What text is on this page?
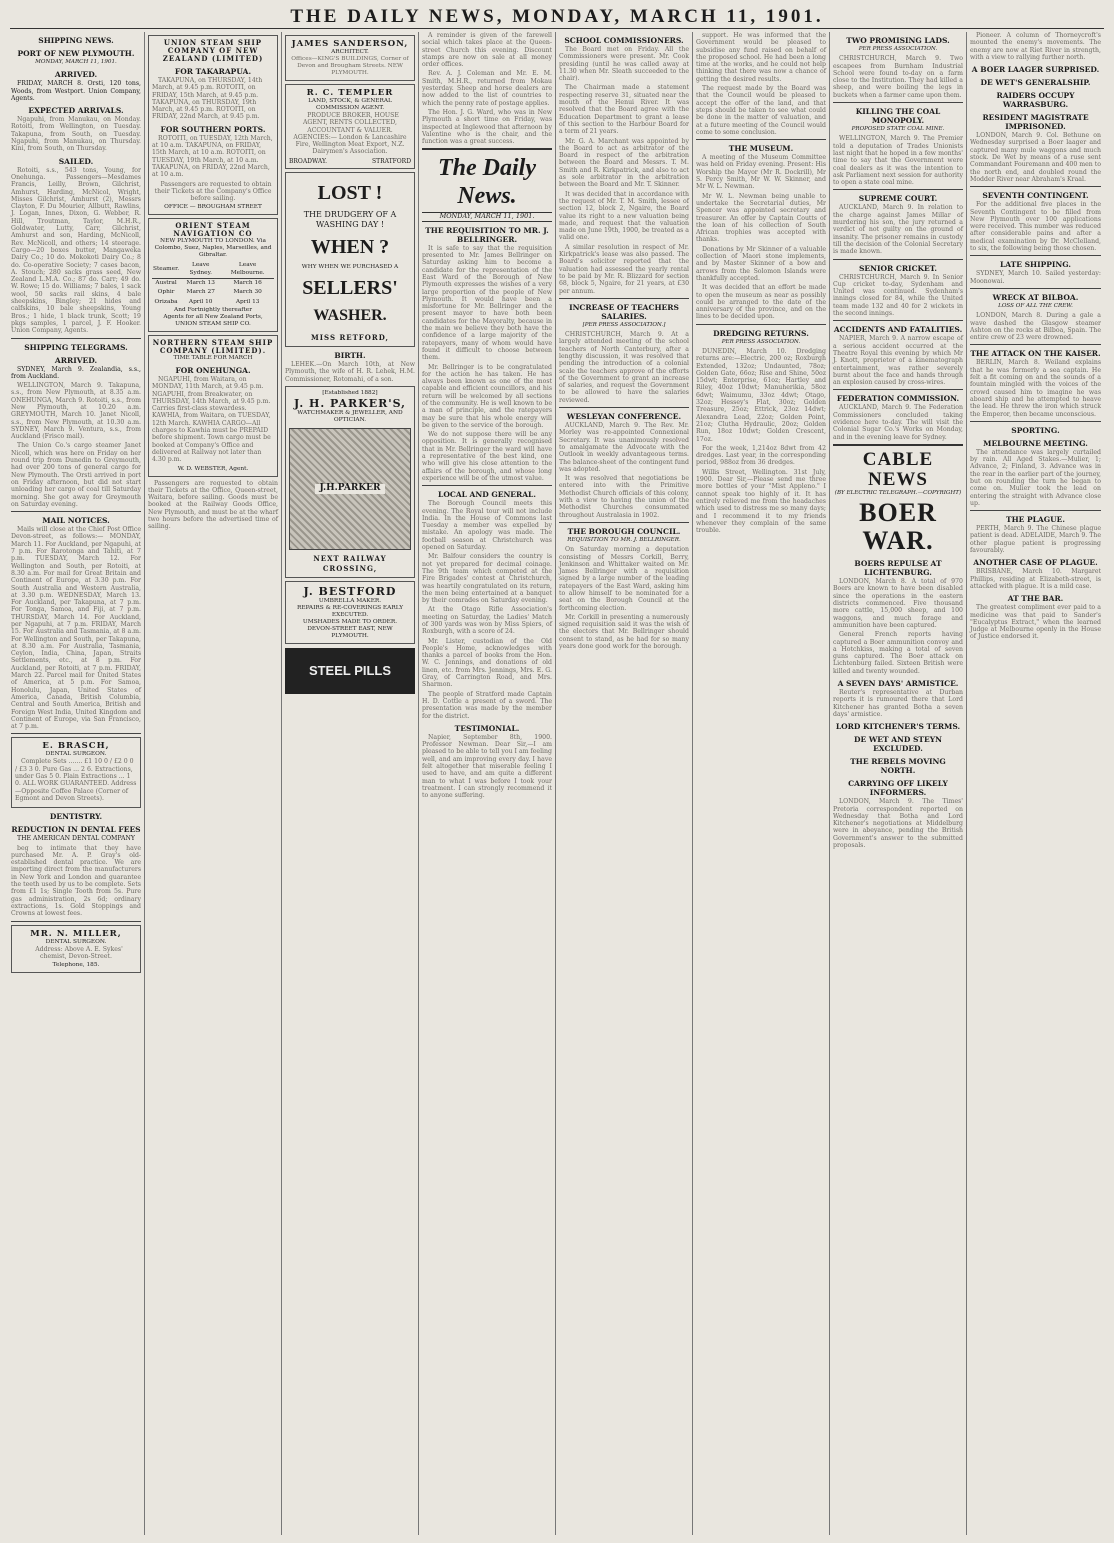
THE DAILY NEWS, MONDAY, MARCH 11, 1901.
SHIPPING NEWS.
PORT OF NEW PLYMOUTH.
MONDAY, MARCH 11, 1901.
ARRIVED.

FRIDAY, MARCH 8. Orsti, 120 tons, Woods, from Westport. Union Company, Agents.

EXPECTED ARRIVALS.

Ngapuhi, from Manukau, on Monday. Rotoiti, from Wellington, on Tuesday. Takapuna, from South, on Tuesday. Ngapuhi, from Manukau, on Thursday. Kini, from South, on Thursday.

SAILED.

Rotoiti, s.s., 543 tons, Young, for Onehunga. Passengers—Mesdames Francis, Leilly, Brown, Gilchrist, Amhurst, Harding, McNicol, Wright, Misses Gilchrist, Amhurst (2), Messrs Clayton, F. Du Mourier, Allbutt, Rawlins, J. Logan, Innes, Dixon, G. Webber, R. Hill, Troutman, Taylor, M.H.R., Goldwater, Lutty, Carr, Gilchrist, Amhurst and son, Harding, McNicoll, Rev. McNicoll, and others; 14 steerage. Cargo—20 boxes butter, Mangaweka Dairy Co.; 10 do. Mokokoti Dairy Co.; 8 do. Co-operative Society; 7 cases bacon, A. Stouch; 280 sacks grass seed, New Zealand L.M.A. Co.; 87 do. Carr; 49 do. W. Rowe; 15 do. Williams; 7 bales, 1 sack wool, 50 sacks rail skins, 4 bale sheepskins, Bingley; 21 hides and calfskins, 10 bale sheepskins, Young Bros.; 1 hide, 1 black trunk, Scott; 19 pkgs samples, 1 parcel, J. F. Hooker. Union Company, Agents.

SHIPPING TELEGRAMS.
ARRIVED.

SYDNEY, March 9. Zealandia, s.s., from Auckland.

WELLINGTON, March 9. Takapuna, s.s., from New Plymouth, at 8.35 a.m. ONEHUNGA, March 9. Rotoiti, s.s., from New Plymouth, at 10.20 a.m. GREYMOUTH, March 10. Janet Nicoll, s.s., from New Plymouth, at 10.30 a.m. SYDNEY, March 9. Ventura, s.s., from Auckland (Frisco mail).

The Union Co.'s cargo steamer Janet Nicoll, which was here on Friday on her round trip from Dunedin to Greymouth, had over 200 tons of general cargo for New Plymouth. The Orsti arrived in port on Friday afternoon, but did not start unloading her cargo of coal till Saturday morning. She got away for Greymouth on Saturday evening.

MAIL NOTICES.

Mails will close at the Chief Post Office Devon-street, as follows:— MONDAY, March 11. For Auckland, per Ngapuhi, at 7 p.m. For Rarotonga and Tahiti, at 7 p.m. TUESDAY, March 12. For Wellington and South, per Rotoiti, at 8.30 a.m. For mail for Great Britain and Continent of Europe, at 3.30 p.m. For South Australia and Western Australia, at 3.30 p.m. WEDNESDAY, March 13. For Auckland, per Takapuna, at 7 p.m. For Tonga, Samoa, and Fiji, at 7 p.m. THURSDAY, March 14. For Auckland, per Ngapuhi, at 7 p.m. FRIDAY, March 15. For Australia and Tasmania, at 8 a.m. For Wellington and South, per Takapuna, at 8.30 a.m. For Australia, Tasmania, Ceylon, India, China, Japan, Straits Settlements, etc., at 8 p.m. For Auckland, per Rotoiti, at 7 p.m. FRIDAY, March 22. Parcel mail for United States of America, at 5 p.m. For Samoa, Honolulu, Japan, United States of America, Canada, British Columbia, Central and South America, British and Foreign West India, United Kingdom and Continent of Europe, via San Francisco, at 7 p.m.

E. BRASCH,
DENTAL SURGEON.

Complete Sets ....... £1 10 0 / £2 0 0 / £3 3 0. Pure Gas ... 2 6. Extractions, under Gas 5 0. Plain Extractions ... 1 0. ALL WORK GUARANTEED. Address—Opposite Coffee Palace (Corner of Egmont and Devon Streets).

DENTISTRY.
REDUCTION IN DENTAL FEES

THE AMERICAN DENTAL COMPANY

beg to intimate that they have purchased Mr. A. P. Gray's old-established dental practice. We are importing direct from the manufacturers in New York and London and guarantee the teeth used by us to be complete. Sets from £1 1s; Single Tooth from 5s. Pure gas administration, 2s 6d; ordinary extractions, 1s. Gold Stoppings and Crowns at lowest fees.

MR. N. MILLER,
DENTAL SURGEON.

Address: Above A. E. Sykes' chemist, Devon-Street.

Telephone, 185.
UNION STEAM SHIP COMPANY OF NEW ZEALAND (LIMITED)
FOR TAKARAPUA.

TAKAPUNA, on THURSDAY, 14th March, at 9.45 p.m. ROTOITI, on FRIDAY, 15th March, at 9.45 p.m. TAKAPUNA, on THURSDAY, 19th March, at 9.45 p.m. ROTOITI, on FRIDAY, 22nd March, at 9.45 p.m.

FOR SOUTHERN PORTS.

ROTOITI, on TUESDAY, 12th March, at 10 a.m. TAKAPUNA, on FRIDAY, 15th March, at 10 a.m. ROTOITI, on TUESDAY, 19th March, at 10 a.m. TAKAPUNA, on FRIDAY, 22nd March, at 10 a.m.

Passengers are requested to obtain their Tickets at the Company's Office before sailing.

OFFICE — BROUGHAM STREET
ORIENT STEAM NAVIGATION CO
NEW PLYMOUTH TO LONDON. Via Colombo, Suez, Naples, Marseilles, and Gibraltar.
Steamer.	Leave Sydney.	Leave Melbourne.
Austral	March 13	March 16
Ophir	March 27	March 30
Orizaba	April 10	April 13
And Fortnightly thereafter
Agents for all New Zealand Ports, UNION STEAM SHIP CO.
NORTHERN STEAM SHIP COMPANY (LIMITED).
TIME TABLE FOR MARCH
FOR ONEHUNGA.

NGAPUHI, from Waitara, on MONDAY, 11th March, at 9.45 p.m. NGAPUHI, from Breakwater, on THURSDAY, 14th March, at 9.45 p.m. Carries first-class stewardess. KAWHIA, from Waitara, on TUESDAY, 12th March. KAWHIA CARGO—All charges to Kawhia must be PREPAID before shipment. Town cargo must be booked at Company's Office and delivered at Railway not later than 4.30 p.m.

W. D. WEBSTER, Agent.

Passengers are requested to obtain their Tickets at the Office, Queen-street, Waitara, before sailing. Goods must be booked at the Railway Goods Office, New Plymouth, and must be at the wharf two hours before the advertised time of sailing.

JAMES SANDERSON,
ARCHITECT.
Offices—KING'S BUILDINGS, Corner of Devon and Brougham Streets. NEW PLYMOUTH.
R. C. TEMPLER
LAND, STOCK, & GENERAL COMMISSION AGENT.

PRODUCE BROKER, HOUSE AGENT, RENTS COLLECTED, ACCOUNTANT & VALUER. AGENCIES:— London & Lancashire Fire, Wellington Meat Export, N.Z. Dairymen's Association.

BROADWAY.	STRATFORD
LOST !
THE DRUDGERY OF A WASHING DAY !
WHEN ?
WHY WHEN WE PURCHASED A
SELLERS'
WASHER.
MISS RETFORD,
BIRTH.

LEHEK.—On March 10th, at New Plymouth, the wife of H. R. Lehek, H.M. Commissioner, Rotomahi, of a son.

[Established 1882]
J. H. PARKER'S,
WATCHMAKER & JEWELLER, AND OPTICIAN.
J.H.PARKER
NEXT RAILWAY CROSSING,
J. BESTFORD
UMBRELLA MAKER.
REPAIRS & RE-COVERINGS EARLY EXECUTED.
UMSHADES MADE TO ORDER.
DEVON-STREET EAST, NEW PLYMOUTH.
STEEL PILLS

A reminder is given of the farewell social which takes place at the Queen-street Church this evening. Discount stamps are now on sale at all money order offices.

Rev. A. J. Coleman and Mr. E. M. Smith, M.H.R., returned from Mokau yesterday. Sheep and horse dealers are now added to the list of countries to which the penny rate of postage applies.

The Hon. J. G. Ward, who was in New Plymouth a short time on Friday, was inspected at Inglewood that afternoon by Valentine who is the chair, and the function was a great success.

The Daily News.
MONDAY, MARCH 11, 1901.
THE REQUISITION TO MR. J. BELLRINGER.

It is safe to say that the requisition presented to Mr. James Bellringer on Saturday asking him to become a candidate for the representation of the East Ward of the Borough of New Plymouth expresses the wishes of a very large proportion of the people of New Plymouth. It would have been a misfortune for Mr. Bellringer and the present mayor to have both been candidates for the Mayoralty, because in the main we believe they both have the confidence of a large majority of the ratepayers, many of whom would have found it difficult to choose between them.

Mr. Bellringer is to be congratulated for the action he has taken. He has always been known as one of the most capable and efficient councillors, and his return will be welcomed by all sections of the community. He is well known to be a man of principle, and the ratepayers may be sure that his whole energy will be given to the service of the borough.

We do not suppose there will be any opposition. It is generally recognised that in Mr. Bellringer the ward will have a representative of the best kind, one who will give his close attention to the affairs of the borough, and whose long experience will be of the utmost value.

LOCAL AND GENERAL.

The Borough Council meets this evening. The Royal tour will not include India. In the House of Commons last Tuesday a member was expelled by mistake. An apology was made. The football season at Christchurch was opened on Saturday.

Mr. Balfour considers the country is not yet prepared for decimal coinage. The 9th team which competed at the Fire Brigades' contest at Christchurch, was heartily congratulated on its return, the men being entertained at a banquet by their comrades on Saturday evening.

At the Otago Rifle Association's meeting on Saturday, the Ladies' Match of 300 yards was won by Miss Spiers, of Roxburgh, with a score of 24.

Mr. Lister, custodian of the Old People's Home, acknowledges with thanks a parcel of books from the Hon. W. C. Jennings, and donations of old linen, etc. from Mrs. Jennings, Mrs. E. G. Gray, of Carrington Road, and Mrs. Sharmon.

The people of Stratford made Captain H. D. Cottle a present of a sword. The presentation was made by the member for the district.

TESTIMONIAL.

Napier, September 8th, 1900. Professor Newman. Dear Sir,—I am pleased to be able to tell you I am feeling well, and am improving every day. I have felt altogether that miserable feeling I used to have, and am quite a different man to what I was before I took your treatment. I can strongly recommend it to anyone suffering.

SCHOOL COMMISSIONERS.

The Board met on Friday. All the Commissioners were present. Mr. Cook presiding (until he was called away at 11.30 when Mr. Sleath succeeded to the chair).

The Chairman made a statement respecting reserve 31, situated near the mouth of the Henui River. It was resolved that the Board agree with the Education Department to grant a lease of this section to the Harbour Board for a term of 21 years.

Mr. G. A. Marchant was appointed by the Board to act as arbitrator of the Board in respect of the arbitration between the Board and Messrs. T. M. Smith and R. Kirkpatrick, and also to act as sole arbitrator in the arbitration between the Board and Mr. T. Skinner.

It was decided that in accordance with the request of Mr. T. M. Smith, lessee of section 12, block 2, Ngaire, the Board value its right to a new valuation being made, and request that the valuation made on June 19th, 1900, be treated as a valid one.

A similar resolution in respect of Mr. Kirkpatrick's lease was also passed. The Board's solicitor reported that the valuation had assessed the yearly rental to be paid by Mr. R. Blizzard for section 68, block 5, Ngaire, for 21 years, at £30 per annum.

INCREASE OF TEACHERS SALARIES.
[PER PRESS ASSOCIATION.]

CHRISTCHURCH, March 9. At a largely attended meeting of the school teachers of North Canterbury, after a lengthy discussion, it was resolved that pending the introduction of a colonial scale the teachers approve of the efforts of the Government to grant an increase of salaries, and request the Government to be allowed to have the salaries reviewed.

WESLEYAN CONFERENCE.

AUCKLAND, March 9. The Rev. Mr. Morley was re-appointed Connexional Secretary. It was unanimously resolved to amalgamate the Advocate with the Outlook in weekly advantageous terms. The balance-sheet of the contingent fund was adopted.

It was resolved that negotiations be entered into with the Primitive Methodist Church officials of this colony, with a view to having the union of the Methodist Churches consummated throughout Australasia in 1902.

THE BOROUGH COUNCIL.
REQUISITION TO MR. J. BELLRINGER.

On Saturday morning a deputation consisting of Messrs Corkill, Berry, Jenkinson and Whittaker waited on Mr. James Bellringer with a requisition signed by a large number of the leading ratepayers of the East Ward, asking him to allow himself to be nominated for a seat on the Borough Council at the forthcoming election.

Mr. Corkill in presenting a numerously signed requisition said it was the wish of the electors that Mr. Bellringer should consent to stand, as he had for so many years done good work for the borough.

support. He was informed that the Government would be pleased to subsidise any fund raised on behalf of the proposed school. He had been a long time at the works, and he could not help thinking that there was now a chance of getting the desired results.

The request made by the Board was that the Council would be pleased to accept the offer of the land, and that steps should be taken to see what could be done in the matter of valuation, and at a future meeting of the Council would come to some conclusion.

THE MUSEUM.

A meeting of the Museum Committee was held on Friday evening. Present: His Worship the Mayor (Mr R. Dockrill), Mr S. Percy Smith, Mr W. W. Skinner, and Mr W. L. Newman.

Mr W. L. Newman being unable to undertake the Secretarial duties, Mr Spencer was appointed secretary and treasurer. An offer by Captain Coutts of the loan of his collection of South African trophies was accepted with thanks.

Donations by Mr Skinner of a valuable collection of Maori stone implements, and by Master Skinner of a bow and arrows from the Solomon Islands were thankfully accepted.

It was decided that an effort be made to open the museum as near as possibly could be arranged to the date of the anniversary of the province, and on the lines to be decided upon.

DREDGING RETURNS.
PER PRESS ASSOCIATION.

DUNEDIN, March 10. Dredging returns are:—Electric, 200 oz; Roxburgh Extended, 132oz; Undaunted, 78oz; Golden Gate, 66oz; Rise and Shine, 50oz 15dwt; Enterprise, 61oz; Hartley and Riley, 40oz 10dwt; Manuherikia, 58oz 6dwt; Waimumu, 33oz 4dwt; Otago, 32oz; Hessey's Flat, 30oz; Golden Treasure, 25oz; Ettrick, 23oz 14dwt; Alexandra Lead, 22oz; Golden Point, 21oz; Clutha Hydraulic, 20oz; Golden Run, 18oz 10dwt; Golden Crescent, 17oz.

For the week, 1,214oz 8dwt from 42 dredges. Last year, in the corresponding period, 988oz from 36 dredges.

Willis Street, Wellington. 31st July, 1900. Dear Sir,—Please send me three more bottles of your "Mist Appleno." I cannot speak too highly of it. It has entirely relieved me from the headaches which used to distress me so many days; and I recommend it to my friends whenever they complain of the same trouble.

TWO PROMISING LADS.
PER PRESS ASSOCIATION.

CHRISTCHURCH, March 9. Two escapees from Burnham Industrial School were found to-day on a farm close to the Institution. They had killed a sheep, and were boiling the legs in buckets when a farmer came upon them.

KILLING THE COAL MONOPOLY.
PROPOSED STATE COAL MINE.

WELLINGTON, March 9. The Premier told a deputation of Trades Unionists last night that he hoped in a few months' time to say that the Government were coal dealers as it was the intention to ask Parliament next session for authority to open a state coal mine.

SUPREME COURT.

AUCKLAND, March 9. In relation to the charge against James Millar of murdering his son, the jury returned a verdict of not guilty on the ground of insanity. The prisoner remains in custody till the decision of the Colonial Secretary is made known.

SENIOR CRICKET.

CHRISTCHURCH, March 9. In Senior Cup cricket to-day, Sydenham and United was continued. Sydenham's innings closed for 84, while the United team made 132 and 40 for 2 wickets in the second innings.

ACCIDENTS AND FATALITIES.

NAPIER, March 9. A narrow escape of a serious accident occurred at the Theatre Royal this evening by which Mr J. Knott, proprietor of a kinematograph entertainment, was rather severely burnt about the face and hands through an explosion caused by cross-wires.

FEDERATION COMMISSION.

AUCKLAND, March 9. The Federation Commissioners concluded taking evidence here to-day. The will visit the Colonial Sugar Co.'s Works on Monday, and in the evening leave for Sydney.

CABLE NEWS
(BY ELECTRIC TELEGRAPH.—COPYRIGHT)
BOER WAR.
BOERS REPULSE AT LICHTENBURG.

LONDON, March 8. A total of 970 Boers are known to have been disabled since the operations in the eastern districts commenced. Five thousand more cattle, 15,000 sheep, and 100 waggons, and much forage and ammunition have been captured.

General French reports having captured a Boer ammunition convoy and a Hotchkiss, making a total of seven guns captured. The Boer attack on Lichtenburg failed. Sixteen British were killed and twenty wounded.

A SEVEN DAYS' ARMISTICE.

Reuter's representative at Durban reports it is rumoured there that Lord Kitchener has granted Botha a seven days' armistice.

LORD KITCHENER'S TERMS.
DE WET AND STEYN EXCLUDED.
THE REBELS MOVING NORTH.
CARRYING OFF LIKELY INFORMERS.

LONDON, March 9. The Times' Pretoria correspondent reported on Wednesday that Botha and Lord Kitchener's negotiations at Middelburg were in abeyance, pending the British Government's answer to the submitted proposals.

Pioneer. A column of Thorneycroft's mounted the enemy's movements. The enemy are now at Riet River in strength, with a view to rallying further north.

A BOER LAAGER SURPRISED.
DE WET'S GENERALSHIP.
RAIDERS OCCUPY WARRASBURG.
RESIDENT MAGISTRATE IMPRISONED.

LONDON, March 9. Col. Bethune on Wednesday surprised a Boer laager and captured many mule waggons and much stock. De Wet by means of a ruse sent Commandant Fouremann and 400 men to the north end, and doubled round the Modder River near Abraham's Kraal.

SEVENTH CONTINGENT.

For the additional five places in the Seventh Contingent to be filled from New Plymouth over 100 applications were received. This number was reduced after considerable pains and after a medical examination by Dr. McClelland, to six, the following being those chosen.

LATE SHIPPING.

SYDNEY, March 10. Sailed yesterday: Moonowai.

WRECK AT BILBOA.
LOSS OF ALL THE CREW.

LONDON, March 8. During a gale a wave dashed the Glasgow steamer Ashton on the rocks at Bilboa, Spain. The entire crew of 23 were drowned.

THE ATTACK ON THE KAISER.

BERLIN, March 8. Weiland explains that he was formerly a sea captain. He felt a fit coming on and the sounds of a fountain mingled with the voices of the crowd caused him to imagine he was aboard ship and he attempted to heave the lead. He threw the iron which struck the Emperor, then became unconscious.

SPORTING.
MELBOURNE MEETING.

The attendance was largely curtailed by rain. All Aged Stakes.—Mulier, 1; Advance, 2; Finland, 3. Advance was in the rear in the earlier part of the journey, but on rounding the turn he began to come on. Mulier took the lead on entering the straight with Advance close up.

THE PLAGUE.

PERTH, March 9. The Chinese plague patient is dead. ADELAIDE, March 9. The other plague patient is progressing favourably.

ANOTHER CASE OF PLAGUE.

BRISBANE, March 10. Margaret Phillips, residing at Elizabeth-street, is attacked with plague. It is a mild case.

AT THE BAR.

The greatest compliment ever paid to a medicine was that paid to Sander's "Eucalyptus Extract," when the learned Judge at Melbourne openly in the House of Justice endorsed it.
